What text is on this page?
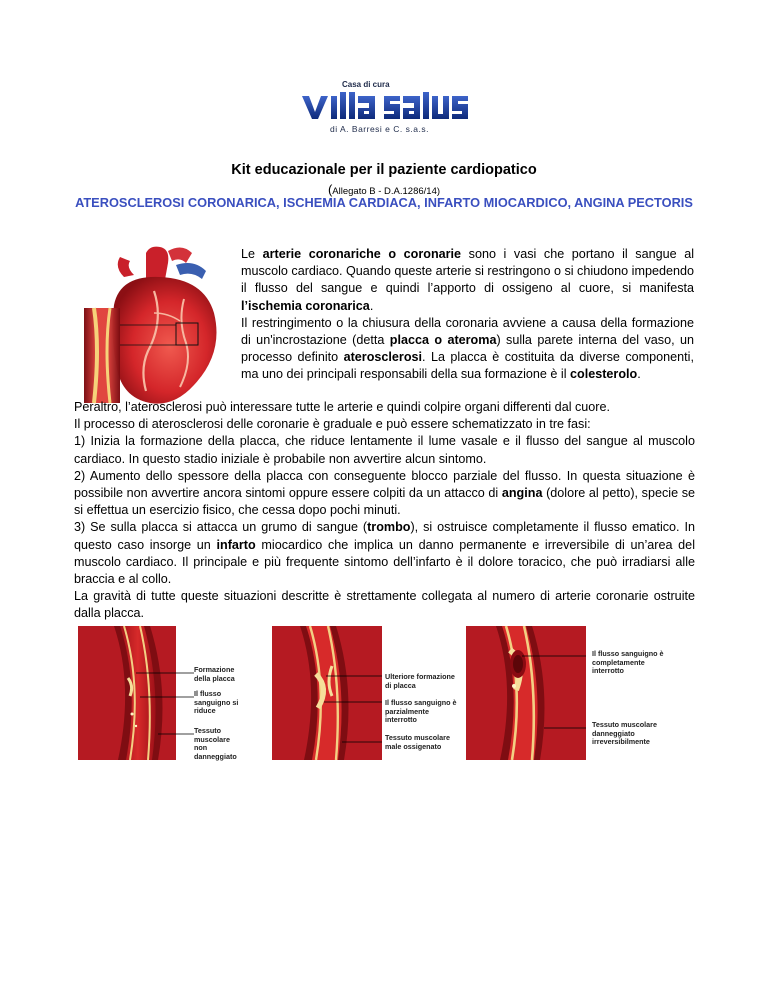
Casa di cura
di A. Barresi e C. s.a.s.
Kit educazionale per il paziente cardiopatico
(Allegato B - D.A.1286/14)
ATEROSCLEROSI CORONARICA, ISCHEMIA CARDIACA, INFARTO MIOCARDICO, ANGINA PECTORIS

Le arterie coronariche o coronarie sono i vasi che portano il sangue al muscolo cardiaco. Quando queste arterie si restringono o si chiudono impedendo il flusso del sangue e quindi l’apporto di ossigeno al cuore, si manifesta l’ischemia coronarica.

Il restringimento o la chiusura della coronaria avviene a causa della formazione di un'incrostazione (detta placca o ateroma) sulla parete interna del vaso, un processo definito aterosclerosi. La placca è costituita da diverse componenti, ma uno dei principali responsabili della sua formazione è il colesterolo.

Peraltro, l’aterosclerosi può interessare tutte le arterie e quindi colpire organi differenti dal cuore.

Il processo di aterosclerosi delle coronarie è graduale e può essere schematizzato in tre fasi:

1) Inizia la formazione della placca, che riduce lentamente il lume vasale e il flusso del sangue al muscolo cardiaco. In questo stadio iniziale è probabile non avvertire alcun sintomo.

2) Aumento dello spessore della placca con conseguente blocco parziale del flusso. In questa situazione è possibile non avvertire ancora sintomi oppure essere colpiti da un attacco di angina (dolore al petto), specie se si effettua un esercizio fisico, che cessa dopo pochi minuti.

3) Se sulla placca si attacca un grumo di sangue (trombo), si ostruisce completamente il flusso ematico. In questo caso insorge un infarto miocardico che implica un danno permanente e irreversibile di un’area del muscolo cardiaco. Il principale e più frequente sintomo dell’infarto è il dolore toracico, che può irradiarsi alle braccia e al collo.

La gravità di tutte queste situazioni descritte è strettamente collegata al numero di arterie coronarie ostruite dalla placca.

Formazione della placca
Il flusso sanguigno si riduce
Tessuto muscolare non danneggiato
Ulteriore formazione di placca
Il flusso sanguigno è parzialmente interrotto
Tessuto muscolare male ossigenato
Il flusso sanguigno è completamente interrotto
Tessuto muscolare danneggiato irreversibilmente
